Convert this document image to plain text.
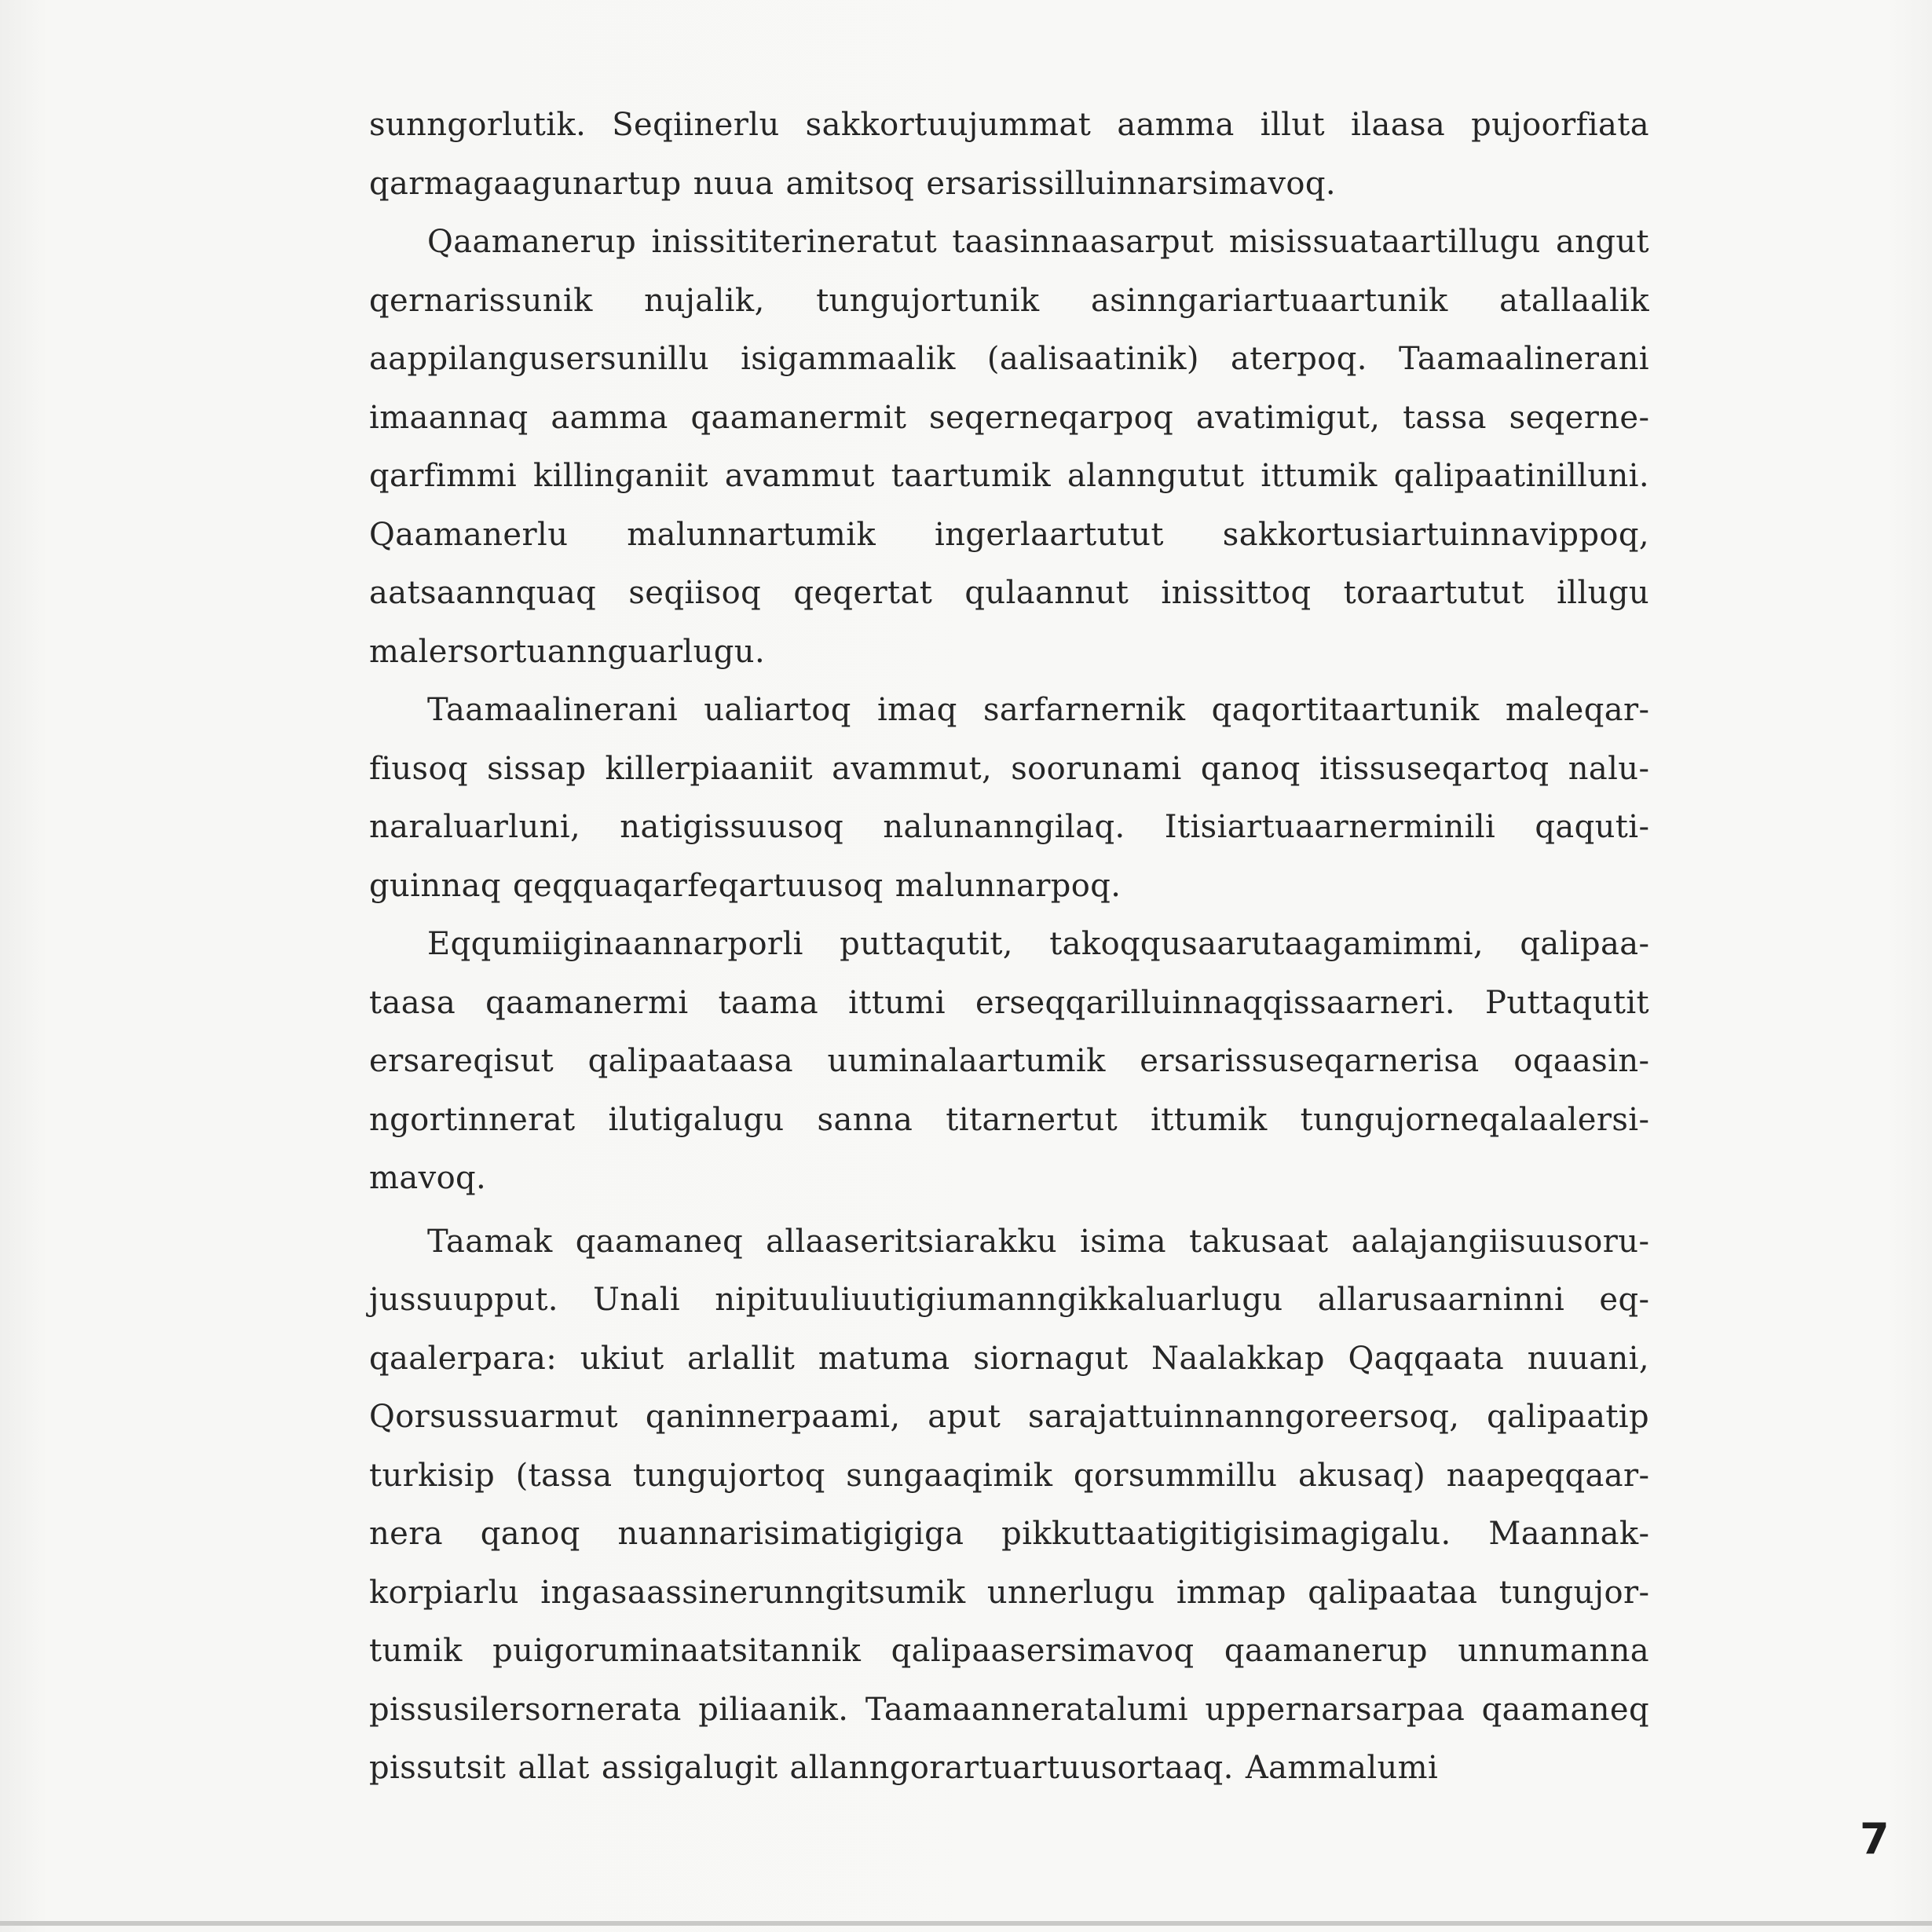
sunngorlutik. Seqiinerlu sakkortuujummat aamma illut ilaasa pujoorfiata qarmagaagunartup nuua amitsoq ersarissilluinnarsimavoq.

Qaamanerup inissititerineratut taasinnaasarput misissuataartillugu angut qernarissunik nujalik, tungujortunik asinngariartuaartunik atallaalik aappilangusersunillu isigammaalik (aalisaatinik) aterpoq. Taamaalinerani imaannaq aamma qaamanermit seqerneqarpoq avatimigut, tassa seqerneqarfimmi killinganiit avammut taartumik alanngutut ittumik qalipaatinilluni. Qaamanerlu malunnartumik ingerlaartutut sakkortusiartuinnavippoq, aatsaannquaq seqiisoq qeqertat qulaannut inissittoq toraartutut illugu malersortuannguarlugu.

Taamaalinerani ualiartoq imaq sarfarnernik qaqortitaartunik maleqarfiusoq sissap killerpiaaniit avammut, soorunami qanoq itissuseqartoq nalunaraluarluni, natigissuusoq nalunanngilaq. Itisiartuaarnerminili qaqutiguinnaq qeqquaqarfeqartuusoq malunnarpoq.

Eqqumiiginaannarporli puttaqutit, takoqqusaarutaagamimmi, qalipaataasa qaamanermi taama ittumi erseqqarilluinnaqqissaarneri. Puttaqutit ersareqisut qalipaataasa uuminalaartumik ersarissuseqarnerisa oqaasinngortinnerat ilutigalugu sanna titarnertut ittumik tungujorneqalaalersimavoq.

Taamak qaamaneq allaaseritsiarakku isima takusaat aalajangiisuusorujussuupput. Unali nipituuliuutigiumanngikkaluarlugu allarusaarninni eqqaalerpara: ukiut arlallit matuma siornagut Naalakkap Qaqqaata nuuani, Qorsussuarmut qaninnerpaami, aput sarajattuinnanngoreersoq, qalipaatip turkisip (tassa tungujortoq sungaaqimik qorsummillu akusaq) naapeqqaarnera qanoq nuannarisimatigigiga pikkuttaatigitigisimagigalu. Maannakkorpiarlu ingasaassinerunngitsumik unnerlugu immap qalipaataa tungujortumik puigoruminaatsitannik qalipaasersimavoq qaamanerup unnumanna pissusilersornerata piliaanik. Taamaanneratalumi uppernarsarpaa qaamaneq pissutsit allat assigalugit allanngorartuartuusortaaq. Aammalumi

7
